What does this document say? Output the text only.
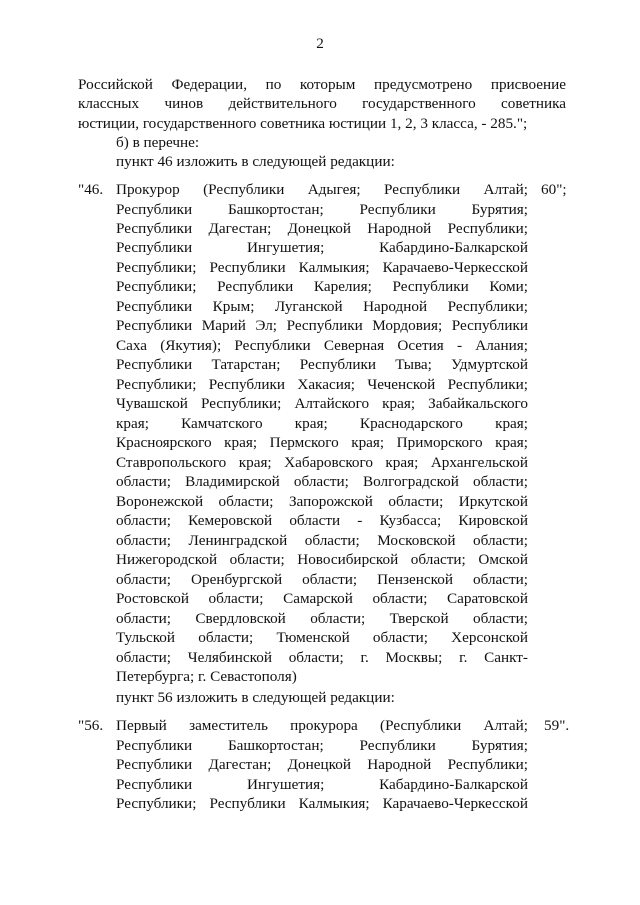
2
Российской Федерации, по которым предусмотрено присвоение
классных чинов действительного государственного советника
юстиции, государственного советника юстиции 1, 2, 3 класса, - 285.";
б) в перечне:
пункт 46 изложить в следующей редакции:
"46. Прокурор (Республики Адыгея; Республики Алтай;
Республики Башкортостан; Республики Бурятия;
Республики Дагестан; Донецкой Народной Республики;
Республики Ингушетия; Кабардино-Балкарской
Республики; Республики Калмыкия; Карачаево-Черкесской
Республики; Республики Карелия; Республики Коми;
Республики Крым; Луганской Народной Республики;
Республики Марий Эл; Республики Мордовия; Республики
Саха (Якутия); Республики Северная Осетия - Алания;
Республики Татарстан; Республики Тыва; Удмуртской
Республики; Республики Хакасия; Чеченской Республики;
Чувашской Республики; Алтайского края; Забайкальского
края; Камчатского края; Краснодарского края;
Красноярского края; Пермского края; Приморского края;
Ставропольского края; Хабаровского края; Архангельской
области; Владимирской области; Волгоградской области;
Воронежской области; Запорожской области; Иркутской
области; Кемеровской области - Кузбасса; Кировской
области; Ленинградской области; Московской области;
Нижегородской области; Новосибирской области; Омской
области; Оренбургской области; Пензенской области;
Ростовской области; Самарской области; Саратовской
области; Свердловской области; Тверской области;
Тульской области; Тюменской области; Херсонской
области; Челябинской области; г. Москвы; г. Санкт-
Петербурга; г. Севастополя)
60";
пункт 56 изложить в следующей редакции:
"56. Первый заместитель прокурора (Республики Алтай;
Республики Башкортостан; Республики Бурятия;
Республики Дагестан; Донецкой Народной Республики;
Республики Ингушетия; Кабардино-Балкарской
Республики; Республики Калмыкия; Карачаево-Черкесской
59".
